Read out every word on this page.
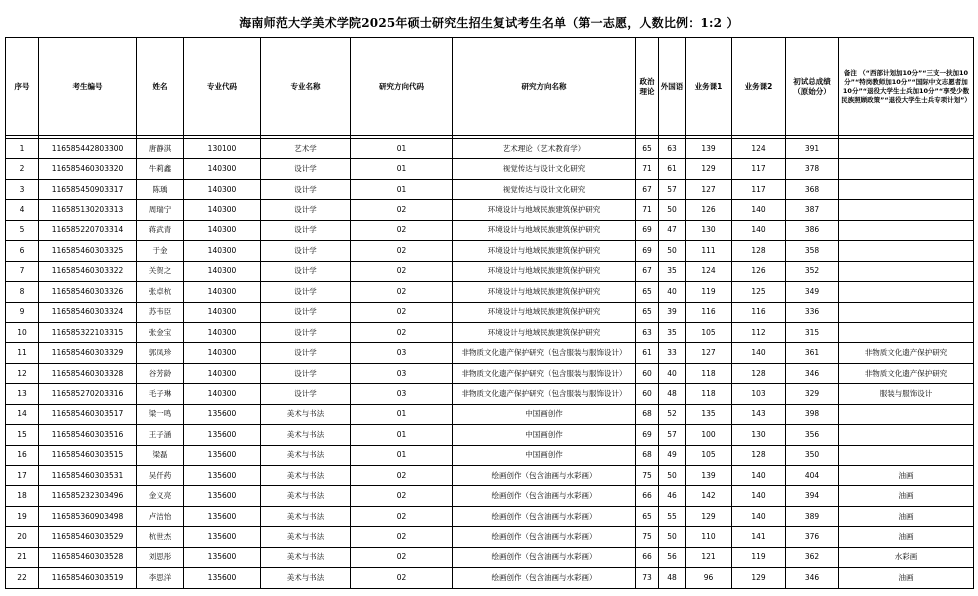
海南师范大学美术学院2025年硕士研究生招生复试考生名单（第一志愿，人数比例：1:2 ）
序号	考生编号	姓名	专业代码	专业名称	研究方向代码	研究方向名称	政治理论	外国语	业务课1	业务课2	初试总成绩（原始分）	备注 （“西部计划加10分”“三支一扶加10分”“特岗教师加10分”“国际中文志愿者加10分”“退役大学生士兵加10分”“享受少数民族照顾政策”“退役大学生士兵专项计划”）

1	116585442803300	唐静淇	130100	艺术学	01	艺术理论（艺术教育学）	65	63	139	124	391	
2	116585460303320	牛莉鑫	140300	设计学	01	视觉传达与设计文化研究	71	61	129	117	378	
3	116585450903317	陈瑀	140300	设计学	01	视觉传达与设计文化研究	67	57	127	117	368	
4	116585130203313	周瑞宁	140300	设计学	02	环境设计与地域民族建筑保护研究	71	50	126	140	387	
5	116585220703314	蒋武青	140300	设计学	02	环境设计与地域民族建筑保护研究	69	47	130	140	386	
6	116585460303325	于金	140300	设计学	02	环境设计与地域民族建筑保护研究	69	50	111	128	358	
7	116585460303322	关贺之	140300	设计学	02	环境设计与地域民族建筑保护研究	67	35	124	126	352	
8	116585460303326	张卓杭	140300	设计学	02	环境设计与地域民族建筑保护研究	65	40	119	125	349	
9	116585460303324	苏韦臣	140300	设计学	02	环境设计与地域民族建筑保护研究	65	39	116	116	336	
10	116585322103315	张金宝	140300	设计学	02	环境设计与地域民族建筑保护研究	63	35	105	112	315	
11	116585460303329	郭凤珍	140300	设计学	03	非物质文化遗产保护研究（包含服装与服饰设计）	61	33	127	140	361	非物质文化遗产保护研究
12	116585460303328	谷芳龄	140300	设计学	03	非物质文化遗产保护研究（包含服装与服饰设计）	60	40	118	128	346	非物质文化遗产保护研究
13	116585270203316	毛子琳	140300	设计学	03	非物质文化遗产保护研究（包含服装与服饰设计）	60	48	118	103	329	服装与服饰设计
14	116585460303517	梁一鸣	135600	美术与书法	01	中国画创作	68	52	135	143	398	
15	116585460303516	王子涵	135600	美术与书法	01	中国画创作	69	57	100	130	356	
16	116585460303515	梁磊	135600	美术与书法	01	中国画创作	68	49	105	128	350	
17	116585460303531	吴仟药	135600	美术与书法	02	绘画创作（包含油画与水彩画）	75	50	139	140	404	油画
18	116585232303496	金义亮	135600	美术与书法	02	绘画创作（包含油画与水彩画）	66	46	142	140	394	油画
19	116585360903498	卢洁怡	135600	美术与书法	02	绘画创作（包含油画与水彩画）	65	55	129	140	389	油画
20	116585460303529	杭世杰	135600	美术与书法	02	绘画创作（包含油画与水彩画）	75	50	110	141	376	油画
21	116585460303528	刘思彤	135600	美术与书法	02	绘画创作（包含油画与水彩画）	66	56	121	119	362	水彩画
22	116585460303519	李思洋	135600	美术与书法	02	绘画创作（包含油画与水彩画）	73	48	96	129	346	油画
